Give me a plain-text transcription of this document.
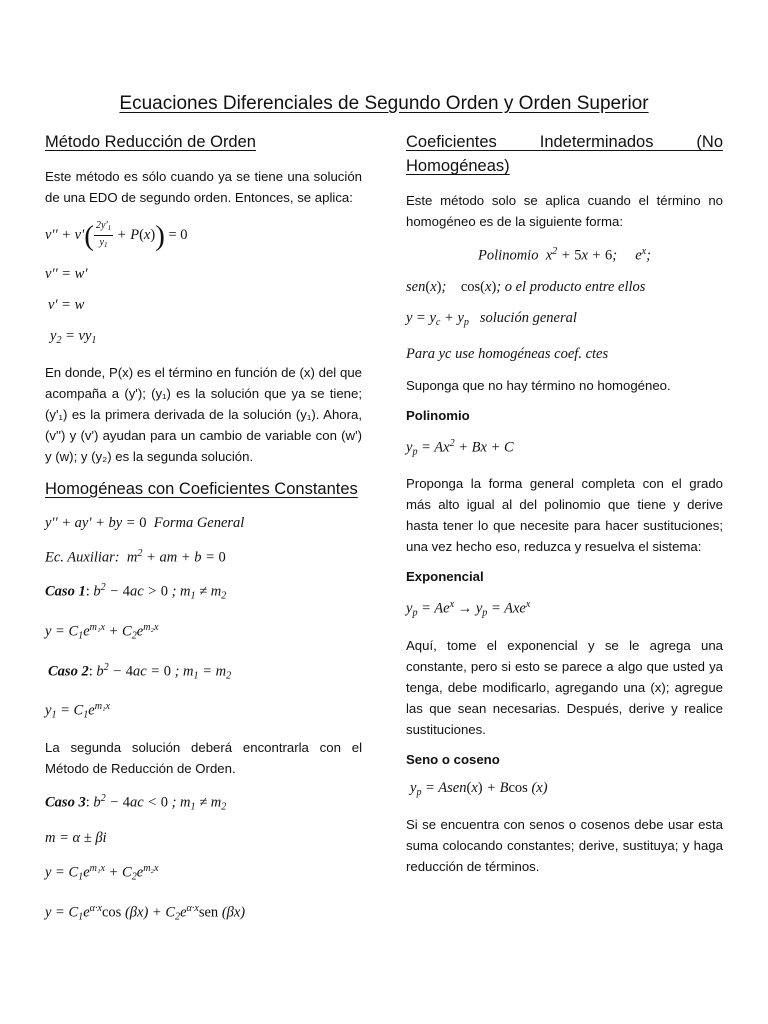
Ecuaciones Diferenciales de Segundo Orden y Orden Superior
Método Reducción de Orden
Este método es sólo cuando ya se tiene una solución de una EDO de segundo orden. Entonces, se aplica:
$v'' + v'( \frac{2y'_1}{y_1} + P(x)) = 0$
v'' = w'
v' = w
$y_2 = vy_1$
En donde, P(x) es el término en función de (x) del que acompaña a (y'); (y₁) es la solución que ya se tiene; (y'₁) es la primera derivada de la solución (y₁). Ahora, (v'') y (v') ayudan para un cambio de variable con (w') y (w); y (y₂) es la segunda solución.
Homogéneas con Coeficientes Constantes
y'' + ay' + by = 0 Forma General
Ec. Auxiliar:  $m^2$ + am + b = 0
Caso 1: $b^2 - 4ac > 0$ ; $m_1 \ne m_2$
$y = C_1e^{m_1x} + C_2e^{m_2x}$
Caso 2: $b^2 - 4ac = 0$ ; $m_1 = m_2$
$y_1 = C_1e^{m_1x}$
La segunda solución deberá encontrarla con el Método de Reducción de Orden.
Caso 3: $b^2 - 4ac < 0$ ; $m_1 \ne m_2$
m = α ± βi
$y = C_1e^{m_1x} + C_2e^{m_2x}$
$y = C_1e^{\alpha\cdot x}\cos$ $(\beta x) + C_2e^{\alpha\cdot x}sen$ (βx)
Coeficientes Indeterminados (No
Homogéneas)
Este método solo se aplica cuando el término no homogéneo es de la siguiente forma:
Polinomio  $x^2 + 5x + 6$;     $e^x$;
sen(x);    cos(x); o el producto entre ellos
$y = y_c + y_p$ solución general
Para yc use homogéneas coef. ctes
Suponga que no hay término no homogéneo.
Polinomio
$y_p = Ax^2 + Bx + C$
Proponga la forma general completa con el grado más alto igual al del polinomio que tiene y derive hasta tener lo que necesite para hacer sustituciones; una vez hecho eso, reduzca y resuelva el sistema:
Exponencial
$y_p = Ae^x \to y_p = Axe^x$
Aquí, tome el exponencial y se le agrega una constante, pero si esto se parece a algo que usted ya tenga, debe modificarlo, agregando una (x); agregue las que sean necesarias. Después, derive y realice sustituciones.
Seno o coseno
$y_p$ = Asen(x) + Bcos (x)
Si se encuentra con senos o cosenos debe usar esta suma colocando constantes; derive, sustituya; y haga reducción de términos.
